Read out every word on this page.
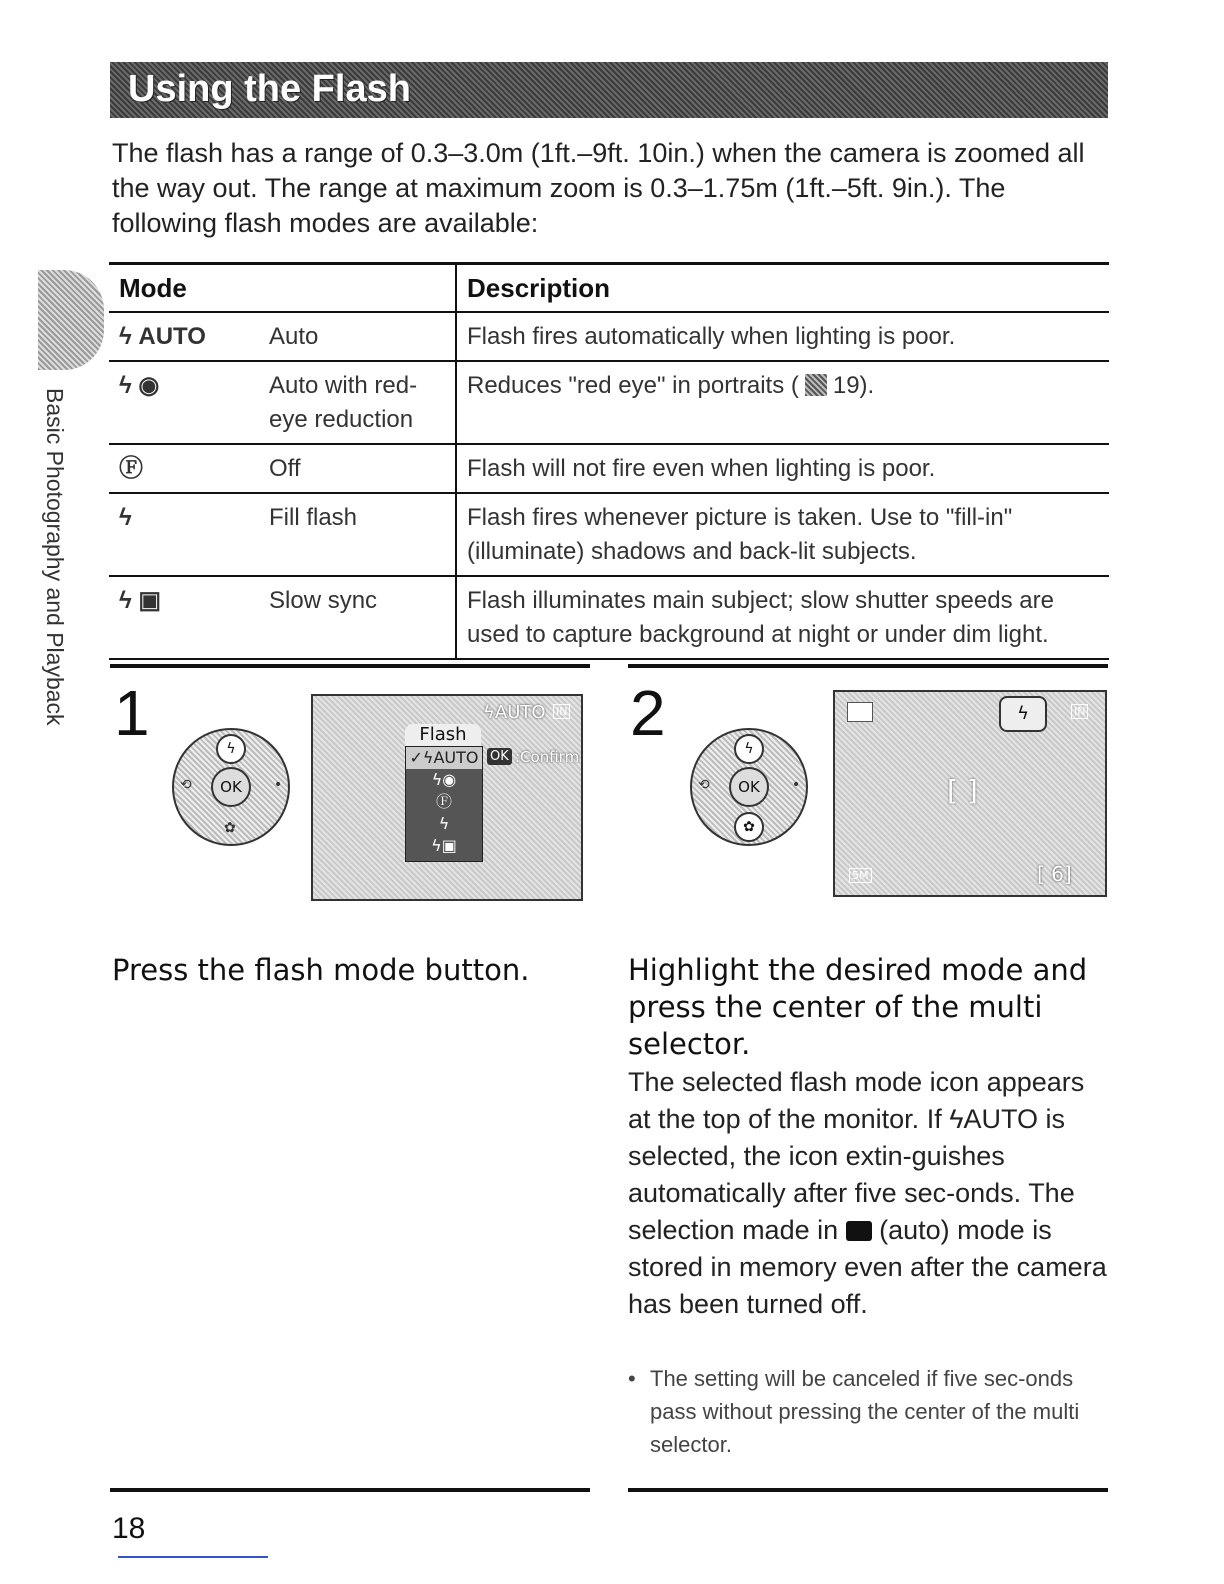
Using the Flash
The flash has a range of 0.3–3.0m (1ft.–9ft. 10in.) when the camera is zoomed all the way out. The range at maximum zoom is 0.3–1.75m (1ft.–5ft. 9in.). The following flash modes are available:
Basic Photography and Playback
Mode		Description
ϟ AUTO	Auto	Flash fires automatically when lighting is poor.
ϟ ◉	Auto with red-eye reduction	Reduces "red eye" in portraits ( 19).
Ⓕ	Off	Flash will not fire even when lighting is poor.
ϟ	Fill flash	Flash fires whenever picture is taken. Use to "fill-in" (illuminate) shadows and back-lit subjects.
ϟ ▣	Slow sync	Flash illuminates main subject; slow shutter speeds are used to capture background at night or under dim light.
1	ϟ
OK
⟲	•
✿
ϟAUTO IN
Flash
✓ϟAUTO
ϟ◉
Ⓕ
ϟ
ϟ▣
OK :Confirm
Press the flash mode button.
2	ϟ
OK
⟲	•
✿
ϟ	IN
[ ]
5M	[ 6]
Highlight the desired mode and press the center of the multi selector.
The selected flash mode icon appears at the top of the monitor. If ϟAUTO is selected, the icon extin-guishes automatically after five sec-onds. The selection made in  (auto) mode is stored in memory even after the camera has been turned off.
• The setting will be canceled if five sec-onds pass without pressing the center of the multi selector.
18
